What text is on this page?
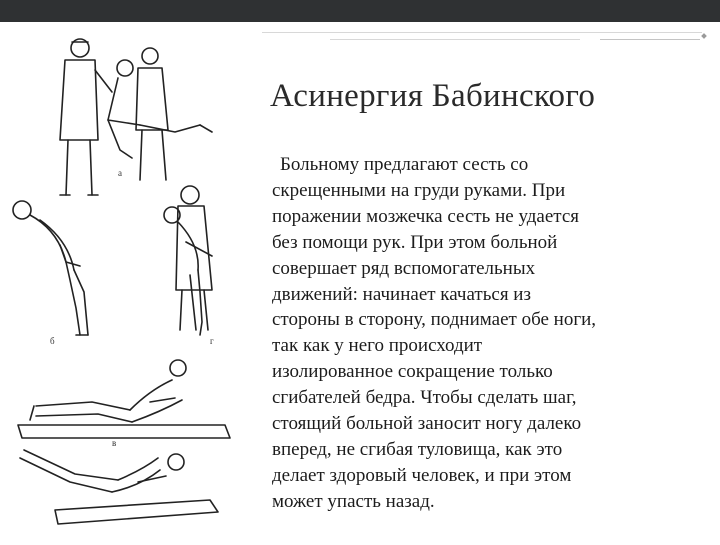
а
б
в
г
Асинергия Бабинского

Больному предлагают сесть со
скрещенными на груди руками. При
поражении мозжечка сесть не удается
без помощи рук. При этом больной
совершает ряд вспомогательных
движений: начинает качаться из
стороны в сторону, поднимает обе ноги,
так как у него происходит
изолированное сокращение только
сгибателей бедра. Чтобы сделать шаг,
стоящий больной заносит ногу далеко
вперед, не сгибая туловища, как это
делает здоровый человек, и при этом
может упасть назад.
